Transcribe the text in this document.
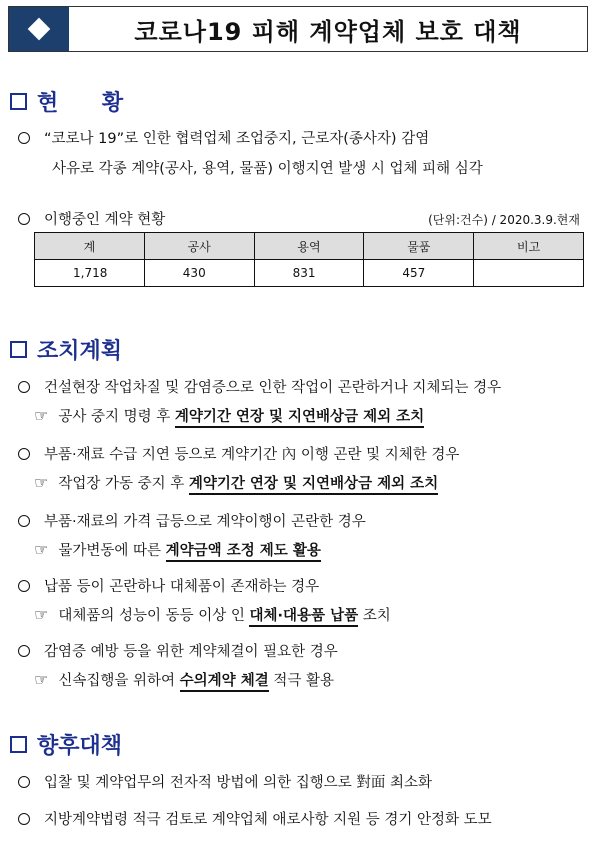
코로나19 피해 계약업체 보호 대책
현 황
“코로나 19”로 인한 협력업체 조업중지, 근로자(종사자) 감염
사유로 각종 계약(공사, 용역, 물품) 이행지연 발생 시 업체 피해 심각
이행중인 계약 현황	(단위:건수) / 2020.3.9.현재
계	공사	용역	물품	비고
1,718	430	831	457	
조치계획
건설현장 작업차질 및 감염증으로 인한 작업이 곤란하거나 지체되는 경우
☞ 공사 중지 명령 후 계약기간 연장 및 지연배상금 제외 조치
부품·재료 수급 지연 등으로 계약기간 內 이행 곤란 및 지체한 경우
☞ 작업장 가동 중지 후 계약기간 연장 및 지연배상금 제외 조치
부품·재료의 가격 급등으로 계약이행이 곤란한 경우
☞ 물가변동에 따른 계약금액 조정 제도 활용
납품 등이 곤란하나 대체품이 존재하는 경우
☞ 대체품의 성능이 동등 이상 인 대체·대용품 납품 조치
감염증 예방 등을 위한 계약체결이 필요한 경우
☞ 신속집행을 위하여 수의계약 체결 적극 활용
향후대책
입찰 및 계약업무의 전자적 방법에 의한 집행으로 對面 최소화
지방계약법령 적극 검토로 계약업체 애로사항 지원 등 경기 안정화 도모
